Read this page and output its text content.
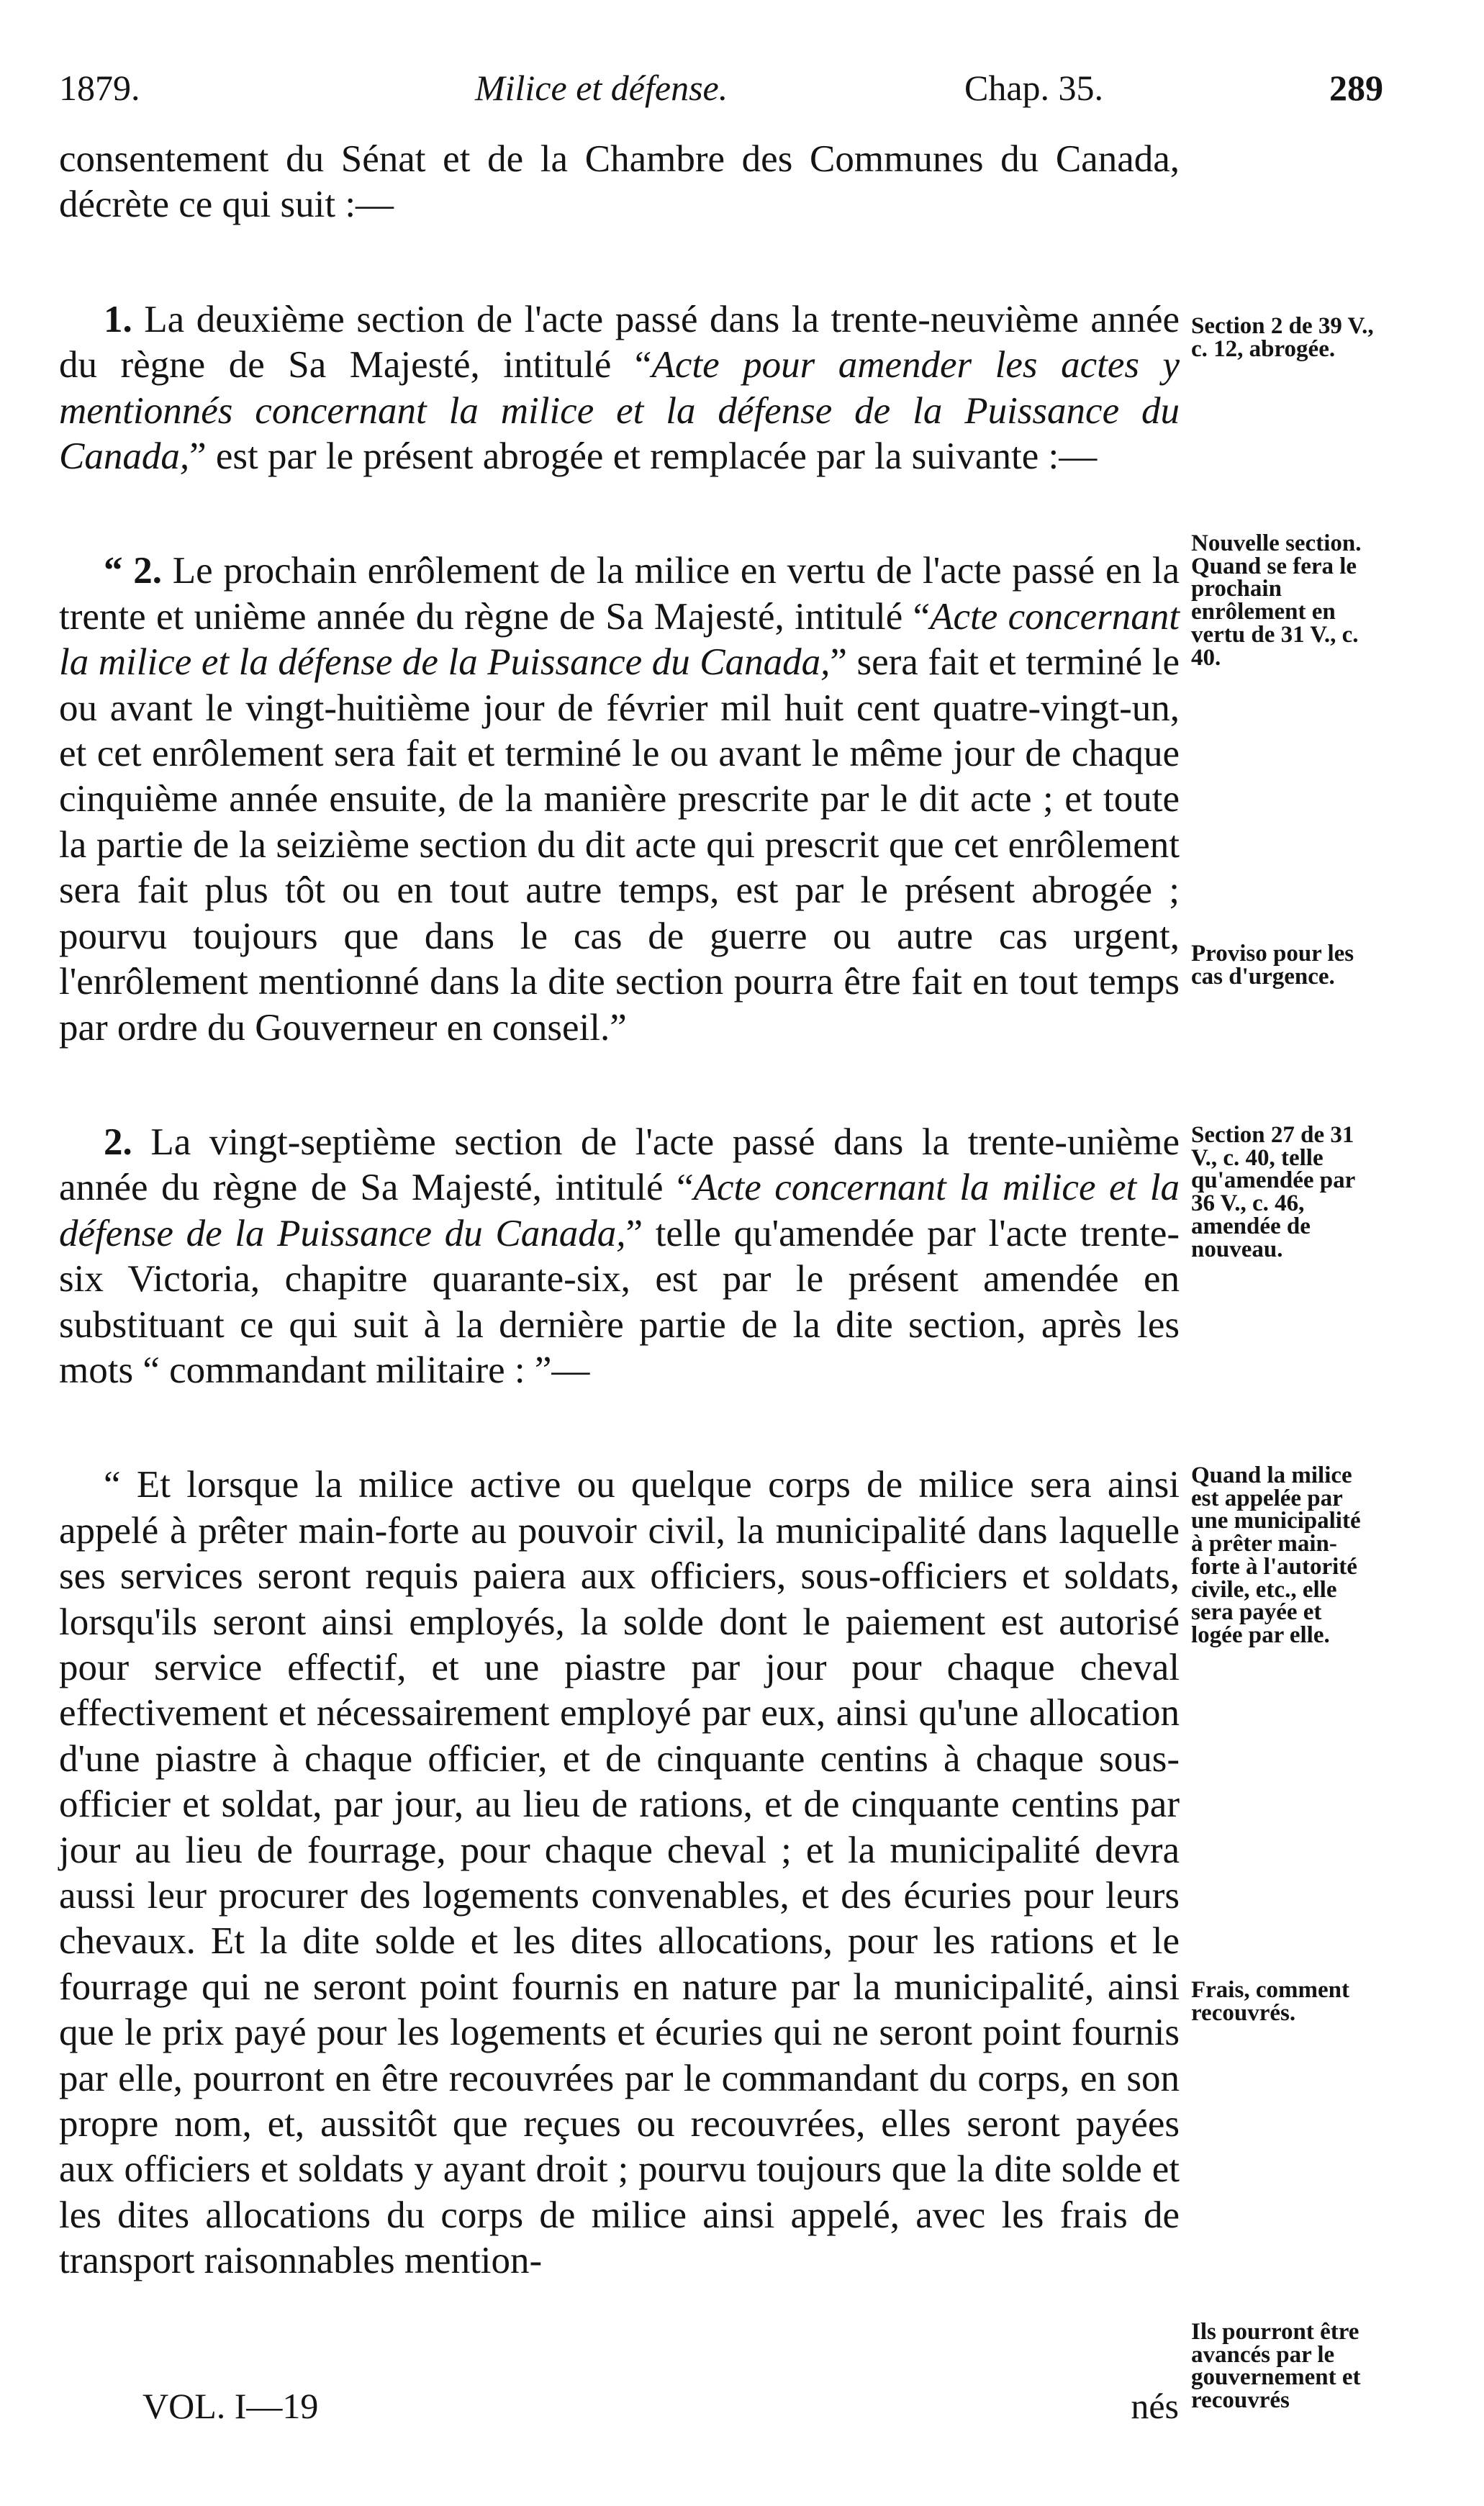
1879.	Milice et défense.	Chap. 35.	289

consentement du Sénat et de la Chambre des Communes du Canada, décrète ce qui suit :—

1. La deuxième section de l'acte passé dans la trente-neuvième année du règne de Sa Majesté, intitulé “Acte pour amender les actes y mentionnés concernant la milice et la défense de la Puissance du Canada,” est par le présent abrogée et remplacée par la suivante :—

“ 2. Le prochain enrôlement de la milice en vertu de l'acte passé en la trente et unième année du règne de Sa Majesté, intitulé “Acte concernant la milice et la défense de la Puissance du Canada,” sera fait et terminé le ou avant le vingt-huitième jour de février mil huit cent quatre-vingt-un, et cet enrôlement sera fait et terminé le ou avant le même jour de chaque cinquième année ensuite, de la manière prescrite par le dit acte ; et toute la partie de la seizième section du dit acte qui prescrit que cet enrôlement sera fait plus tôt ou en tout autre temps, est par le présent abrogée ; pourvu toujours que dans le cas de guerre ou autre cas urgent, l'enrôlement mentionné dans la dite section pourra être fait en tout temps par ordre du Gouverneur en conseil.”

2. La vingt-septième section de l'acte passé dans la trente-unième année du règne de Sa Majesté, intitulé “Acte concernant la milice et la défense de la Puissance du Canada,” telle qu'amendée par l'acte trente-six Victoria, chapitre quarante-six, est par le présent amendée en substituant ce qui suit à la dernière partie de la dite section, après les mots “ commandant militaire : ”—

“ Et lorsque la milice active ou quelque corps de milice sera ainsi appelé à prêter main-forte au pouvoir civil, la municipalité dans laquelle ses services seront requis paiera aux officiers, sous-officiers et soldats, lorsqu'ils seront ainsi employés, la solde dont le paiement est autorisé pour service effectif, et une piastre par jour pour chaque cheval effectivement et nécessairement employé par eux, ainsi qu'une allocation d'une piastre à chaque officier, et de cinquante centins à chaque sous-officier et soldat, par jour, au lieu de rations, et de cinquante centins par jour au lieu de fourrage, pour chaque cheval ; et la municipalité devra aussi leur procurer des logements convenables, et des écuries pour leurs chevaux. Et la dite solde et les dites allocations, pour les rations et le fourrage qui ne seront point fournis en nature par la municipalité, ainsi que le prix payé pour les logements et écuries qui ne seront point fournis par elle, pourront en être recouvrées par le commandant du corps, en son propre nom, et, aussitôt que reçues ou recouvrées, elles seront payées aux officiers et soldats y ayant droit ; pourvu toujours que la dite solde et les dites allocations du corps de milice ainsi appelé, avec les frais de transport raisonnables mention-

Section 2 de 39 V., c. 12, abrogée.
Nouvelle section. Quand se fera le prochain enrôlement en vertu de 31 V., c. 40.
Proviso pour les cas d'urgence.
Section 27 de 31 V., c. 40, telle qu'amendée par 36 V., c. 46, amendée de nouveau.
Quand la milice est appelée par une municipalité à prêter main-forte à l'autorité civile, etc., elle sera payée et logée par elle.
Frais, comment recouvrés.
Ils pourront être avancés par le gouvernement et recouvrés
VOL. I—19	nés
